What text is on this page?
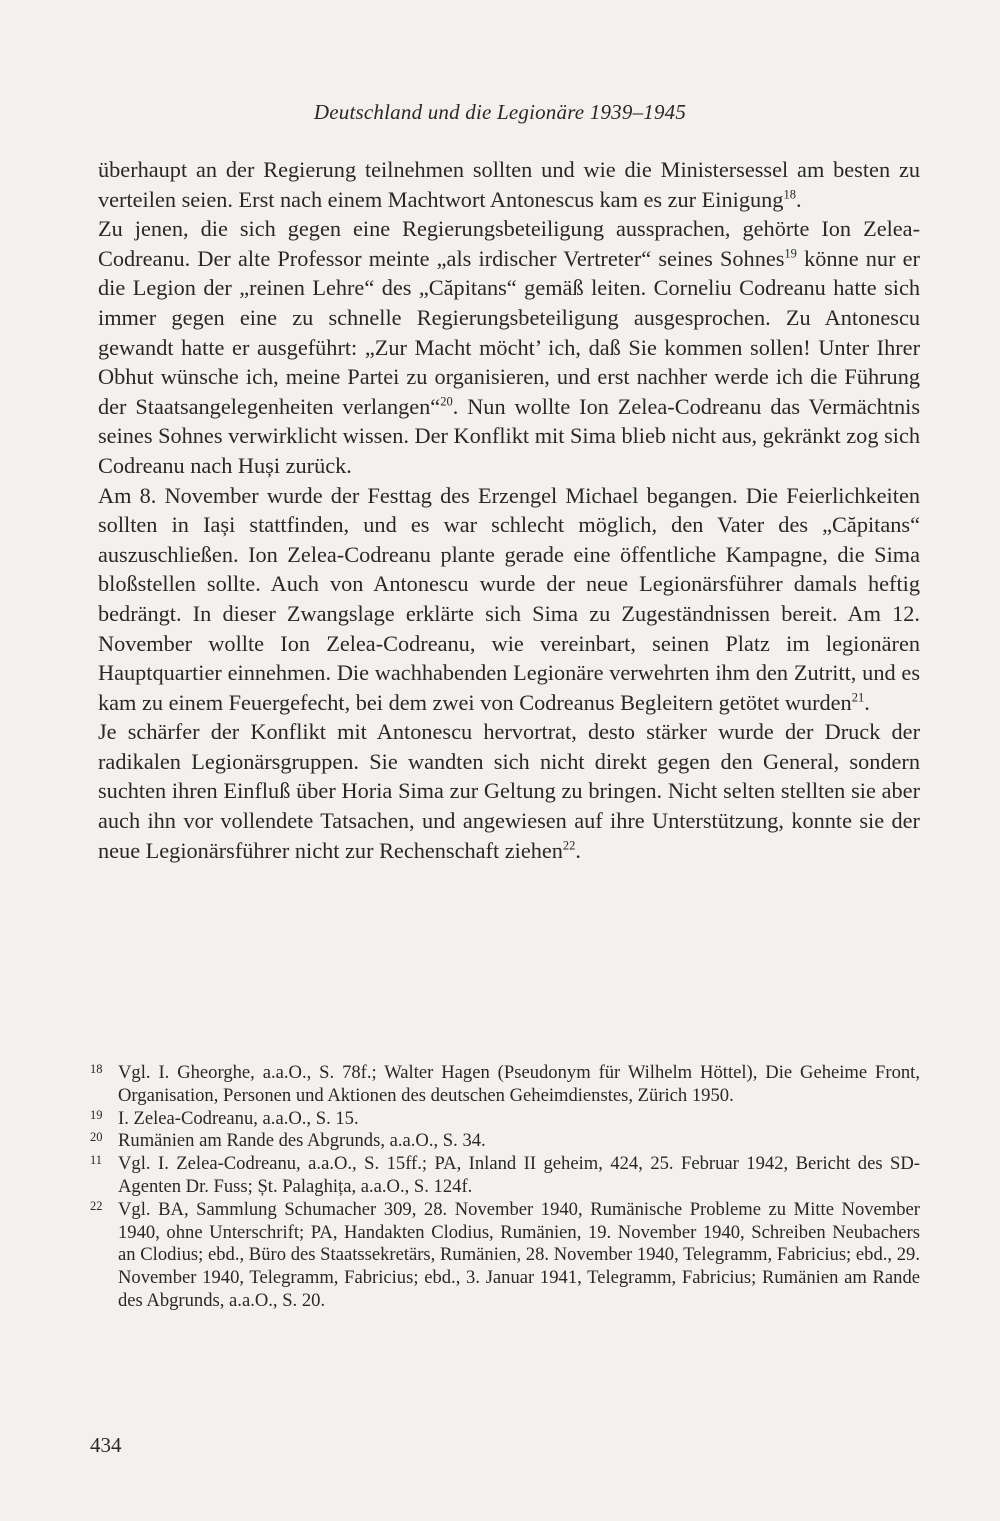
Deutschland und die Legionäre 1939–1945

überhaupt an der Regierung teilnehmen sollten und wie die Ministersessel am besten zu verteilen seien. Erst nach einem Machtwort Antonescus kam es zur Einigung$^{18}$.

Zu jenen, die sich gegen eine Regierungsbeteiligung aussprachen, gehörte Ion Zelea-Codreanu. Der alte Professor meinte „als irdischer Vertreter“ seines Sohnes$^{19}$ könne nur er die Legion der „reinen Lehre“ des „Căpitans“ gemäß leiten. Corneliu Codreanu hatte sich immer gegen eine zu schnelle Regierungsbeteiligung ausgesprochen. Zu Antonescu gewandt hatte er ausgeführt: „Zur Macht möcht’ ich, daß Sie kommen sollen! Unter Ihrer Obhut wünsche ich, meine Partei zu organisieren, und erst nachher werde ich die Führung der Staatsangelegenheiten verlangen“$^{20}$. Nun wollte Ion Zelea-Codreanu das Vermächtnis seines Sohnes verwirklicht wissen. Der Konflikt mit Sima blieb nicht aus, gekränkt zog sich Codreanu nach Huși zurück.

Am 8. November wurde der Festtag des Erzengel Michael begangen. Die Feierlichkeiten sollten in Iași stattfinden, und es war schlecht möglich, den Vater des „Căpitans“ auszuschließen. Ion Zelea-Codreanu plante gerade eine öffentliche Kampagne, die Sima bloßstellen sollte. Auch von Antonescu wurde der neue Legionärsführer damals heftig bedrängt. In dieser Zwangslage erklärte sich Sima zu Zugeständnissen bereit. Am 12. November wollte Ion Zelea-Codreanu, wie vereinbart, seinen Platz im legionären Hauptquartier einnehmen. Die wachhabenden Legionäre verwehrten ihm den Zutritt, und es kam zu einem Feuergefecht, bei dem zwei von Codreanus Begleitern getötet wurden$^{21}$.

Je schärfer der Konflikt mit Antonescu hervortrat, desto stärker wurde der Druck der radikalen Legionärsgruppen. Sie wandten sich nicht direkt gegen den General, sondern suchten ihren Einfluß über Horia Sima zur Geltung zu bringen. Nicht selten stellten sie aber auch ihn vor vollendete Tatsachen, und angewiesen auf ihre Unterstützung, konnte sie der neue Legionärsführer nicht zur Rechenschaft ziehen$^{22}$.

18 Vgl. I. Gheorghe, a.a.O., S. 78f.; Walter Hagen (Pseudonym für Wilhelm Höttel), Die Geheime Front, Organisation, Personen und Aktionen des deutschen Geheimdienstes, Zürich 1950.

19 I. Zelea-Codreanu, a.a.O., S. 15.

20 Rumänien am Rande des Abgrunds, a.a.O., S. 34.

11 Vgl. I. Zelea-Codreanu, a.a.O., S. 15ff.; PA, Inland II geheim, 424, 25. Februar 1942, Bericht des SD-Agenten Dr. Fuss; Șt. Palaghița, a.a.O., S. 124f.

22 Vgl. BA, Sammlung Schumacher 309, 28. November 1940, Rumänische Probleme zu Mitte November 1940, ohne Unterschrift; PA, Handakten Clodius, Rumänien, 19. November 1940, Schreiben Neubachers an Clodius; ebd., Büro des Staatssekretärs, Rumänien, 28. November 1940, Telegramm, Fabricius; ebd., 29. November 1940, Telegramm, Fabricius; ebd., 3. Januar 1941, Telegramm, Fabricius; Rumänien am Rande des Abgrunds, a.a.O., S. 20.

434
